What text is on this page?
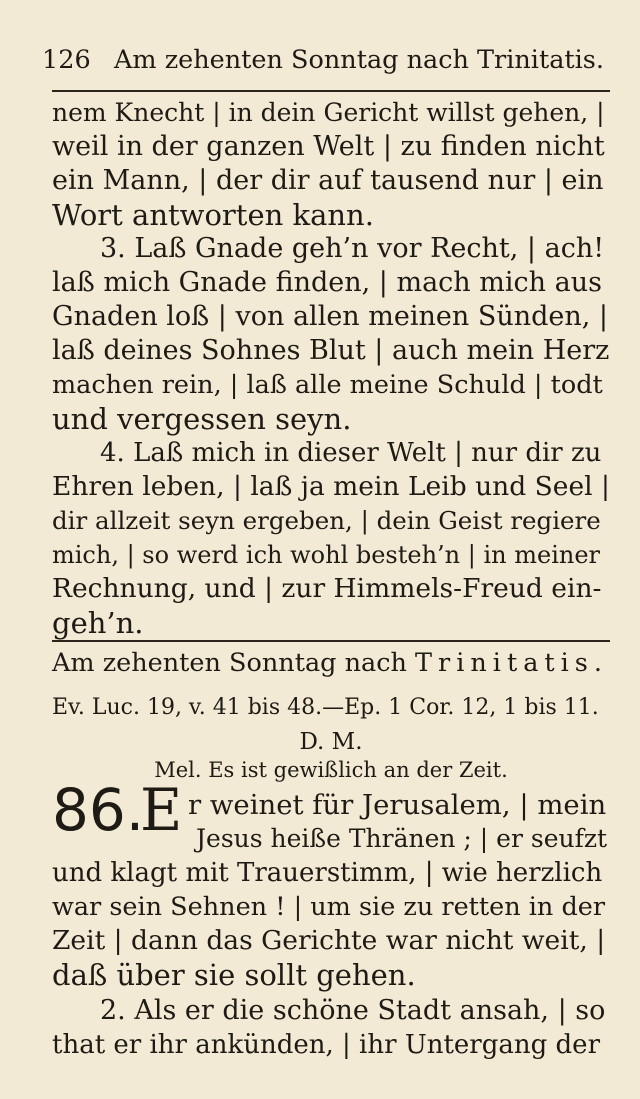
126 Am zehenten Sonntag nach Trinitatis.
nem Knecht | in dein Gericht willst gehen, |
weil in der ganzen Welt | zu finden nicht
ein Mann, | der dir auf tausend nur | ein
Wort antworten kann.
3. Laß Gnade geh’n vor Recht, | ach!
laß mich Gnade finden, | mach mich aus
Gnaden loß | von allen meinen Sünden, |
laß deines Sohnes Blut | auch mein Herz
machen rein, | laß alle meine Schuld | todt
und vergessen seyn.
4. Laß mich in dieser Welt | nur dir zu
Ehren leben, | laß ja mein Leib und Seel |
dir allzeit seyn ergeben, | dein Geist regiere
mich, | so werd ich wohl besteh’n | in meiner
Rechnung, und | zur Himmels-Freud ein-
geh’n.
Am zehenten Sonntag nach Trinitatis.
Ev. Luc. 19, v. 41 bis 48.—Ep. 1 Cor. 12, 1 bis 11.
D. M.
Mel. Es ist gewißlich an der Zeit.
86.
E r weinet für Jerusalem, | mein
Jesus heiße Thränen ; | er seufzt
und klagt mit Trauerstimm, | wie herzlich
war sein Sehnen ! | um sie zu retten in der
Zeit | dann das Gerichte war nicht weit, |
daß über sie sollt gehen.
2. Als er die schöne Stadt ansah, | so
that er ihr ankünden, | ihr Untergang der
